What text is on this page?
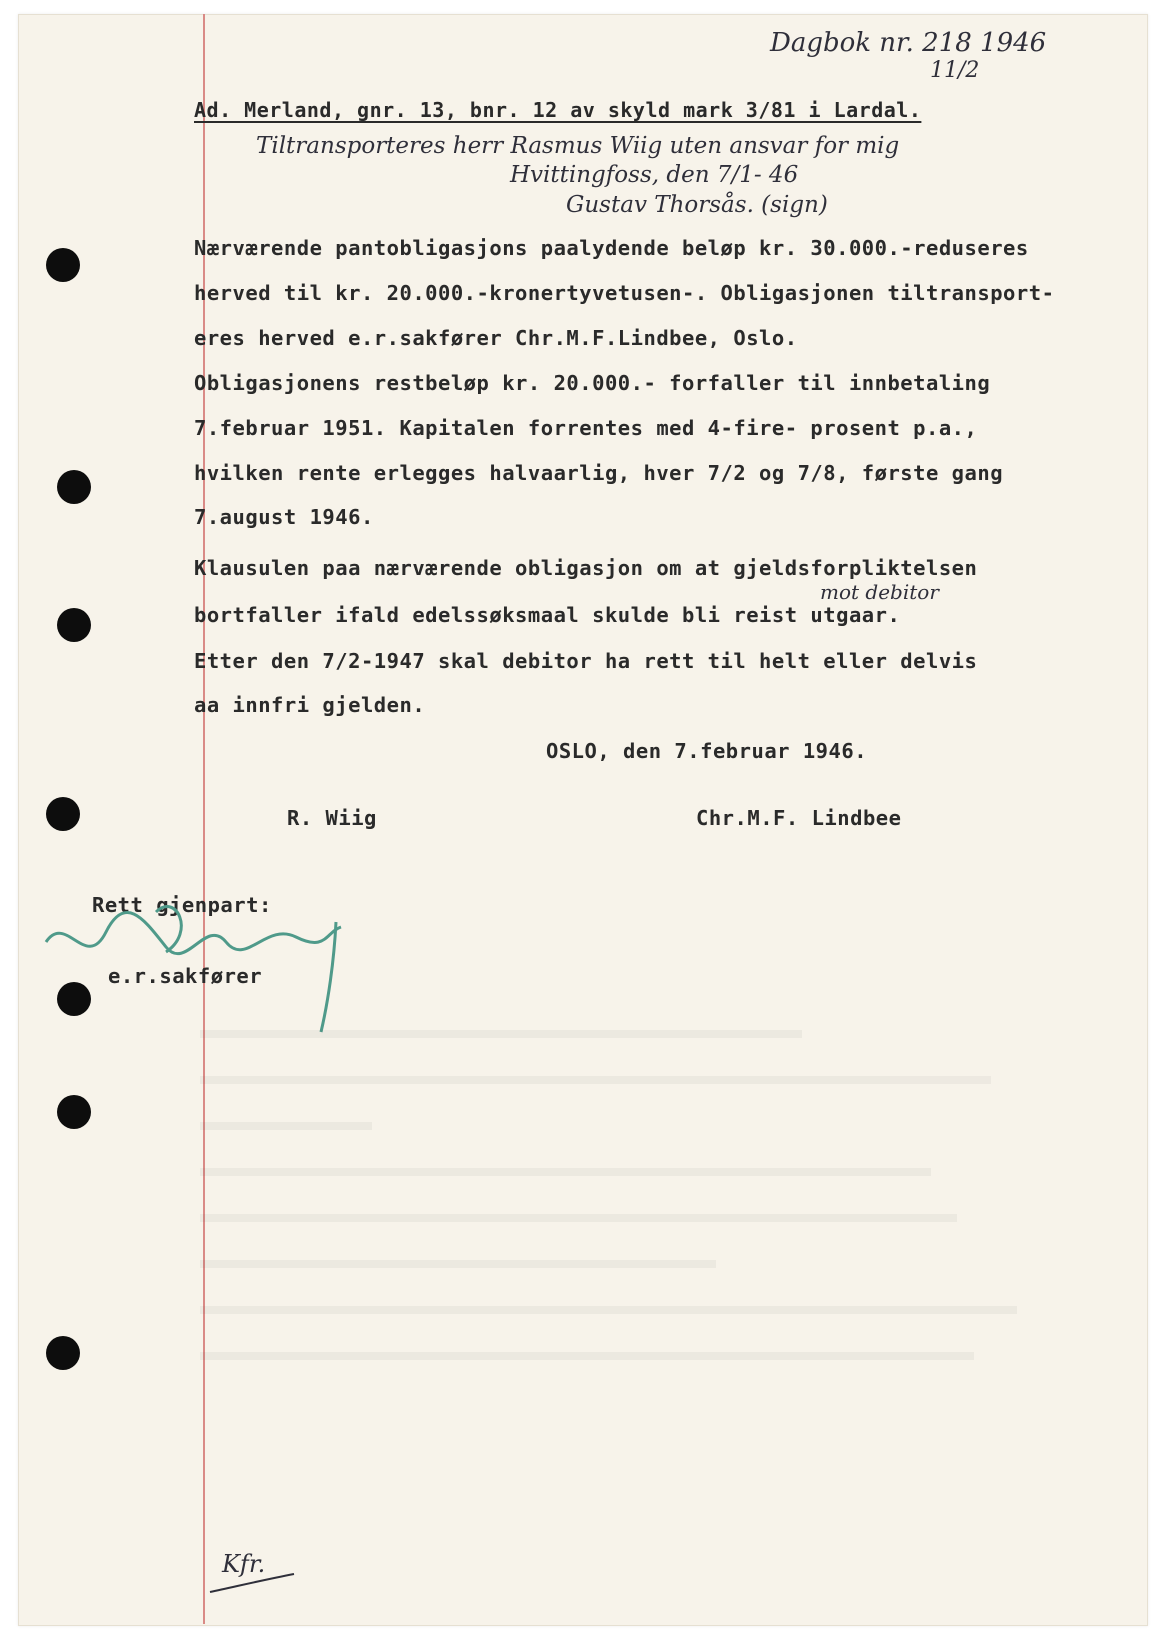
Dagbok nr. 218 1946
11/2
Ad. Merland, gnr. 13, bnr. 12 av skyld mark 3/81 i Lardal.
Tiltransporteres herr Rasmus Wiig uten ansvar for mig
Hvittingfoss, den 7/1- 46
Gustav Thorsås. (sign)
Nærværende pantobligasjons paalydende beløp kr. 30.000.-reduseres
herved til kr. 20.000.-kronertyvetusen-. Obligasjonen tiltransport-
eres herved e.r.sakfører Chr.M.F.Lindbee, Oslo.
Obligasjonens restbeløp kr. 20.000.- forfaller til innbetaling
7.februar 1951. Kapitalen forrentes med 4-fire- prosent p.a.,
hvilken rente erlegges halvaarlig, hver 7/2 og 7/8, første gang
7.august 1946.
Klausulen paa nærværende obligasjon om at gjeldsforpliktelsen
mot debitor
bortfaller ifald edelssøksmaal skulde bli reist utgaar.
Etter den 7/2-1947 skal debitor ha rett til helt eller delvis
aa innfri gjelden.
OSLO, den 7.februar 1946.
R. Wiig	Chr.M.F. Lindbee
Rett gjenpart:
e.r.sakfører
Kfr.
